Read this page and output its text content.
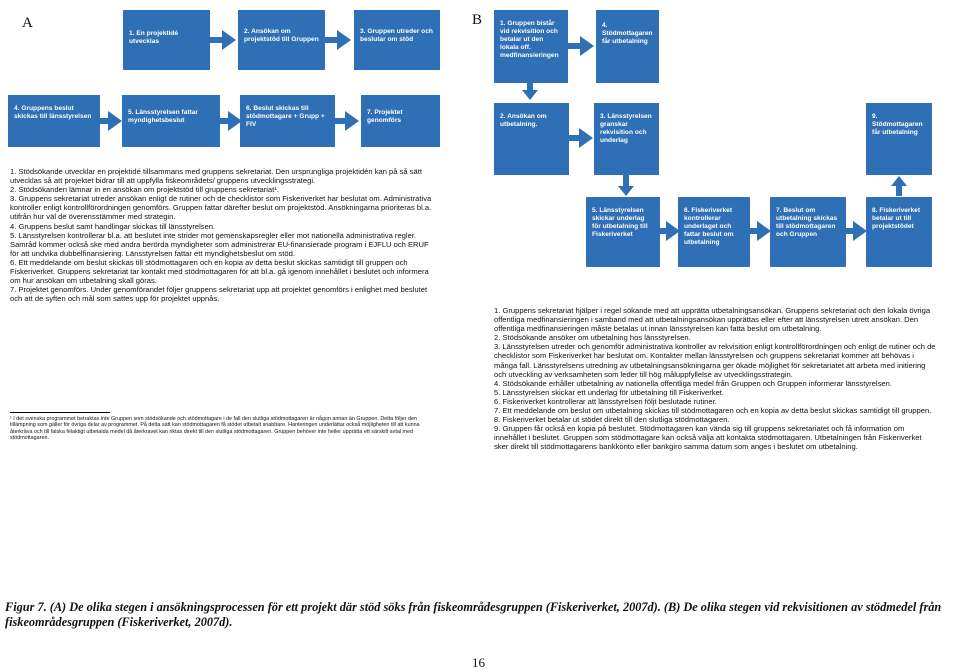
A
1. En projektidé utvecklas
2. Ansökan om projektstöd till Gruppen
3. Gruppen utreder och beslutar om stöd
4. Gruppens beslut skickas till länsstyrelsen
5. Länsstyrelsen fattar myndighetsbeslut
6. Beslut skickas till stödmottagare + Grupp + FIV
7. Projektet genomförs

1. Stödsökande utvecklar en projektidé tillsammans med gruppens sekretariat. Den ursprungliga projektidén kan på så sätt utvecklas så att projektet bidrar till att uppfylla fiskeområdets/ gruppens utvecklingsstrategi.

2. Stödsökanden lämnar in en ansökan om projektstöd till gruppens sekretariat¹.

3. Gruppens sekretariat utreder ansökan enligt de rutiner och de checklistor som Fiskeriverket har beslutat om. Administrativa kontroller enligt kontrollförordningen genomförs. Gruppen fattar därefter beslut om projektstöd. Ansökningarna prioriteras bl.a. utifrån hur väl de överensstämmer med strategin.

4. Gruppens beslut samt handlingar skickas till länsstyrelsen.

5. Länsstyrelsen kontrollerar bl.a. att beslutet inte strider mot gemenskapsregler eller mot nationella administrativa regler. Samråd kommer också ske med andra berörda myndigheter som administrerar EU-finansierade program i EJFLU och ERUF för att undvika dubbelfinansiering. Länsstyrelsen fattar ett myndighetsbeslut om stöd.

6. Ett meddelande om beslut skickas till stödmottagaren och en kopia av detta beslut skickas samtidigt till gruppen och Fiskeriverket. Gruppens sekretariat tar kontakt med stödmottagaren för att bl.a. gå igenom innehållet i beslutet och informera om hur ansökan om utbetalning skall göras.

7. Projektet genomförs. Under genomförandet följer gruppens sekretariat upp att projektet genomförs i enlighet med beslutet och att de syften och mål som sattes upp för projektet uppnås.

¹ I det svenska programmet betraktas inte Gruppen som stödsökande och stödmottagare i de fall den slutliga stödmottagaren är någon annan än Gruppen. Detta följer den tillämpning som gäller för övriga delar av programmet. På detta sätt kan stödmottagaren få stödet utbetalt snabbare. Hanteringen underlättar också möjligheten till att kunna återkräva och till falska felaktigt utbetalda medel då återkravet kan riktas direkt till den slutliga stödmottagaren. Gruppen behöver inte heller upprätta ett särskilt avtal med stödmottagaren.
B	1. Gruppen bistår vid rekvisition och betalar ut den lokala off. medfinansieringen
4. Stödmottagaren får utbetalning
2. Ansökan om utbetalning.
3. Länsstyrelsen granskar rekvisition och underlag
9. Stödmottagaren får utbetalning
5. Länsstyrelsen skickar underlag för utbetalning till Fiskeriverket
6. Fiskeriverket kontrollerar underlaget och fattar beslut om utbetalning
7. Beslut om utbetalning skickas till stödmottagaren och Gruppen
8. Fiskeriverket betalar ut till projektstödet

1. Gruppens sekretariat hjälper i regel sökande med att upprätta utbetalningsansökan. Gruppens sekretariat och den lokala övriga offentliga medfinansieringen i samband med att utbetalningsansökan upprättas eller efter att länsstyrelsen utrett ansökan. Den offentliga medfinansieringen måste betalas ut innan länsstyrelsen kan fatta beslut om utbetalning.

2. Stödsökande ansöker om utbetalning hos länsstyrelsen.

3. Länsstyrelsen utreder och genomför administrativa kontroller av rekvisition enligt kontrollförordningen och enligt de rutiner och de checklistor som Fiskeriverket har beslutat om. Kontakter mellan länsstyrelsen och gruppens sekretariat kommer att behövas i många fall. Länsstyrelsens utredning av utbetalningsansökningarna ger ökade möjlighet för sekretariatet att arbeta med initiering och utveckling av verksamheten som leder till hög måluppfyllelse av utvecklingsstrategin.

4. Stödsökande erhåller utbetalning av nationella offentliga medel från Gruppen och Gruppen informerar länsstyrelsen.

5. Länsstyrelsen skickar ett underlag för utbetalning till Fiskeriverket.

6. Fiskeriverket kontrollerar att länsstyrelsen följt beslutade rutiner.

7. Ett meddelande om beslut om utbetalning skickas till stödmottagaren och en kopia av detta beslut skickas samtidigt till gruppen.

8. Fiskeriverket betalar ut stödet direkt till den slutliga stödmottagaren.

9. Gruppen får också en kopia på beslutet. Stödmottagaren kan vända sig till gruppens sekretariatet och få information om innehållet i beslutet. Gruppen som stödmottagare kan också välja att kontakta stödmottagaren. Utbetalningen från Fiskeriverket sker direkt till stödmottagarens bankkonto eller bankgiro samma datum som anges i beslutet om utbetalning.

Figur 7. (A) De olika stegen i ansökningsprocessen för ett projekt där stöd söks från fiskeområdesgruppen (Fiskeriverket, 2007d). (B) De olika stegen vid rekvisitionen av stödmedel från fiskeområdesgruppen (Fiskeriverket, 2007d).
16
